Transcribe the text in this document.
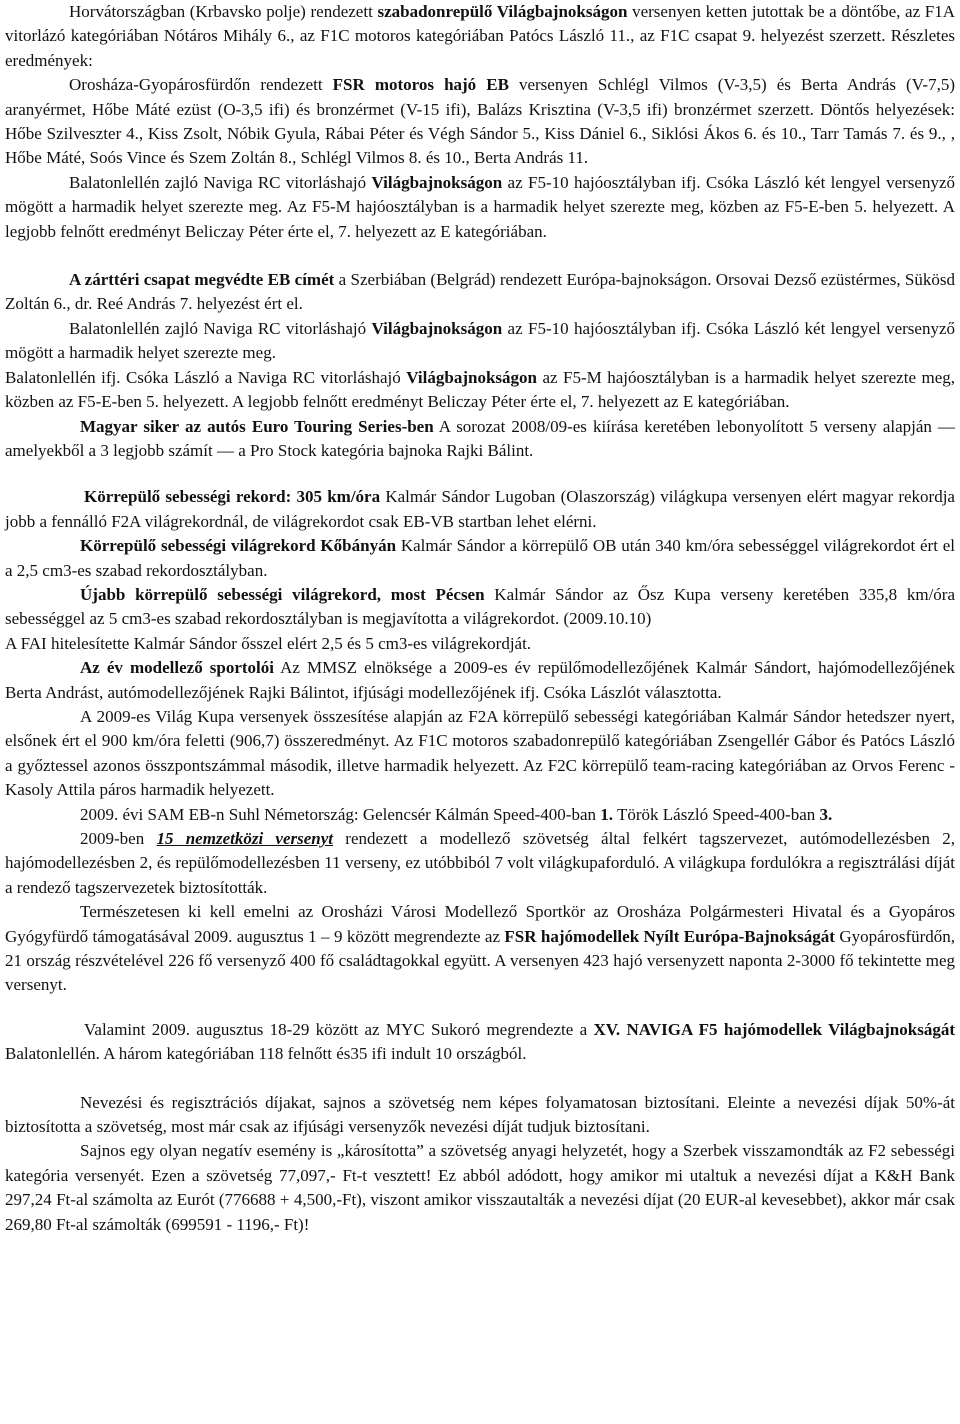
Horvátországban (Krbavsko polje) rendezett szabadonrepülő Világbajnokságon versenyen ketten jutottak be a döntőbe, az F1A vitorlázó kategóriában Nótáros Mihály 6., az F1C motoros kategóriában Patócs László 11., az F1C csapat 9. helyezést szerzett. Részletes eredmények:

Orosháza-Gyopárosfürdőn rendezett FSR motoros hajó EB versenyen Schlégl Vilmos (V-3,5) és Berta András (V-7,5) aranyérmet, Hőbe Máté ezüst (O-3,5 ifi) és bronzérmet (V-15 ifi), Balázs Krisztina (V-3,5 ifi) bronzérmet szerzett. Döntős helyezések: Hőbe Szilveszter 4., Kiss Zsolt, Nóbik Gyula, Rábai Péter és Végh Sándor 5., Kiss Dániel 6., Siklósi Ákos 6. és 10., Tarr Tamás 7. és 9., , Hőbe Máté, Soós Vince és Szem Zoltán 8., Schlégl Vilmos 8. és 10., Berta András 11.

Balatonlellén zajló Naviga RC vitorláshajó Világbajnokságon az F5-10 hajóosztályban ifj. Csóka László két lengyel versenyző mögött a harmadik helyet szerezte meg. Az F5-M hajóosztályban is a harmadik helyet szerezte meg, közben az F5-E-ben 5. helyezett. A legjobb felnőtt eredményt Beliczay Péter érte el, 7. helyezett az E kategóriában.

A zárttéri csapat megvédte EB címét a Szerbiában (Belgrád) rendezett Európa-bajnokságon. Orsovai Dezső ezüstérmes, Sükösd Zoltán 6., dr. Reé András 7. helyezést ért el.

Balatonlellén zajló Naviga RC vitorláshajó Világbajnokságon az F5-10 hajóosztályban ifj. Csóka László két lengyel versenyző mögött a harmadik helyet szerezte meg.

Balatonlellén ifj. Csóka László a Naviga RC vitorláshajó Világbajnokságon az F5-M hajóosztályban is a harmadik helyet szerezte meg, közben az F5-E-ben 5. helyezett. A legjobb felnőtt eredményt Beliczay Péter érte el, 7. helyezett az E kategóriában.

Magyar siker az autós Euro Touring Series-ben A sorozat 2008/09-es kiírása keretében lebonyolított 5 verseny alapján — amelyekből a 3 legjobb számít — a Pro Stock kategória bajnoka Rajki Bálint.

Körrepülő sebességi rekord: 305 km/óra Kalmár Sándor Lugoban (Olaszország) világkupa versenyen elért magyar rekordja jobb a fennálló F2A világrekordnál, de világrekordot csak EB-VB startban lehet elérni.

Körrepülő sebességi világrekord Kőbányán Kalmár Sándor a körrepülő OB után 340 km/óra sebességgel világrekordot ért el a 2,5 cm3-es szabad rekordosztályban.

Újabb körrepülő sebességi világrekord, most Pécsen Kalmár Sándor az Ősz Kupa verseny keretében 335,8 km/óra sebességgel az 5 cm3-es szabad rekordosztályban is megjavította a világrekordot. (2009.10.10)

A FAI hitelesítette Kalmár Sándor ősszel elért 2,5 és 5 cm3-es világrekordját.

Az év modellező sportolói Az MMSZ elnöksége a 2009-es év repülőmodellezőjének Kalmár Sándort, hajómodellezőjének Berta Andrást, autómodellezőjének Rajki Bálintot, ifjúsági modellezőjének ifj. Csóka Lászlót választotta.

A 2009-es Világ Kupa versenyek összesítése alapján az F2A körrepülő sebességi kategóriában Kalmár Sándor hetedszer nyert, elsőnek ért el 900 km/óra feletti (906,7) összeredményt. Az F1C motoros szabadonrepülő kategóriában Zsengellér Gábor és Patócs László a győztessel azonos összpontszámmal második, illetve harmadik helyezett. Az F2C körrepülő team-racing kategóriában az Orvos Ferenc - Kasoly Attila páros harmadik helyezett.

2009. évi SAM EB-n Suhl Németország: Gelencsér Kálmán Speed-400-ban 1. Török László Speed-400-ban 3.

2009-ben 15 nemzetközi versenyt rendezett a modellező szövetség által felkért tagszervezet, autómodellezésben 2, hajómodellezésben 2, és repülőmodellezésben 11 verseny, ez utóbbiból 7 volt világkupaforduló. A világkupa fordulókra a regisztrálási díját a rendező tagszervezetek biztosították.

Természetesen ki kell emelni az Orosházi Városi Modellező Sportkör az Orosháza Polgármesteri Hivatal és a Gyopáros Gyógyfürdő támogatásával 2009. augusztus 1 – 9 között megrendezte az FSR hajómodellek Nyílt Európa-Bajnokságát Gyopárosfürdőn, 21 ország részvételével 226 fő versenyző 400 fő családtagokkal együtt. A versenyen 423 hajó versenyzett naponta 2-3000 fő tekintette meg versenyt.

Valamint 2009. augusztus 18-29 között az MYC Sukoró megrendezte a XV. NAVIGA F5 hajómodellek Világbajnokságát Balatonlellén. A három kategóriában 118 felnőtt és35 ifi indult 10 országból.

Nevezési és regisztrációs díjakat, sajnos a szövetség nem képes folyamatosan biztosítani. Eleinte a nevezési díjak 50%-át biztosította a szövetség, most már csak az ifjúsági versenyzők nevezési díját tudjuk biztosítani.

Sajnos egy olyan negatív esemény is „károsította” a szövetség anyagi helyzetét, hogy a Szerbek visszamondták az F2 sebességi kategória versenyét. Ezen a szövetség 77,097,- Ft-t vesztett! Ez abból adódott, hogy amikor mi utaltuk a nevezési díjat a K&H Bank 297,24 Ft-al számolta az Eurót (776688 + 4,500,-Ft), viszont amikor visszautalták a nevezési díjat (20 EUR-al kevesebbet), akkor már csak 269,80 Ft-al számolták (699591 - 1196,- Ft)!
